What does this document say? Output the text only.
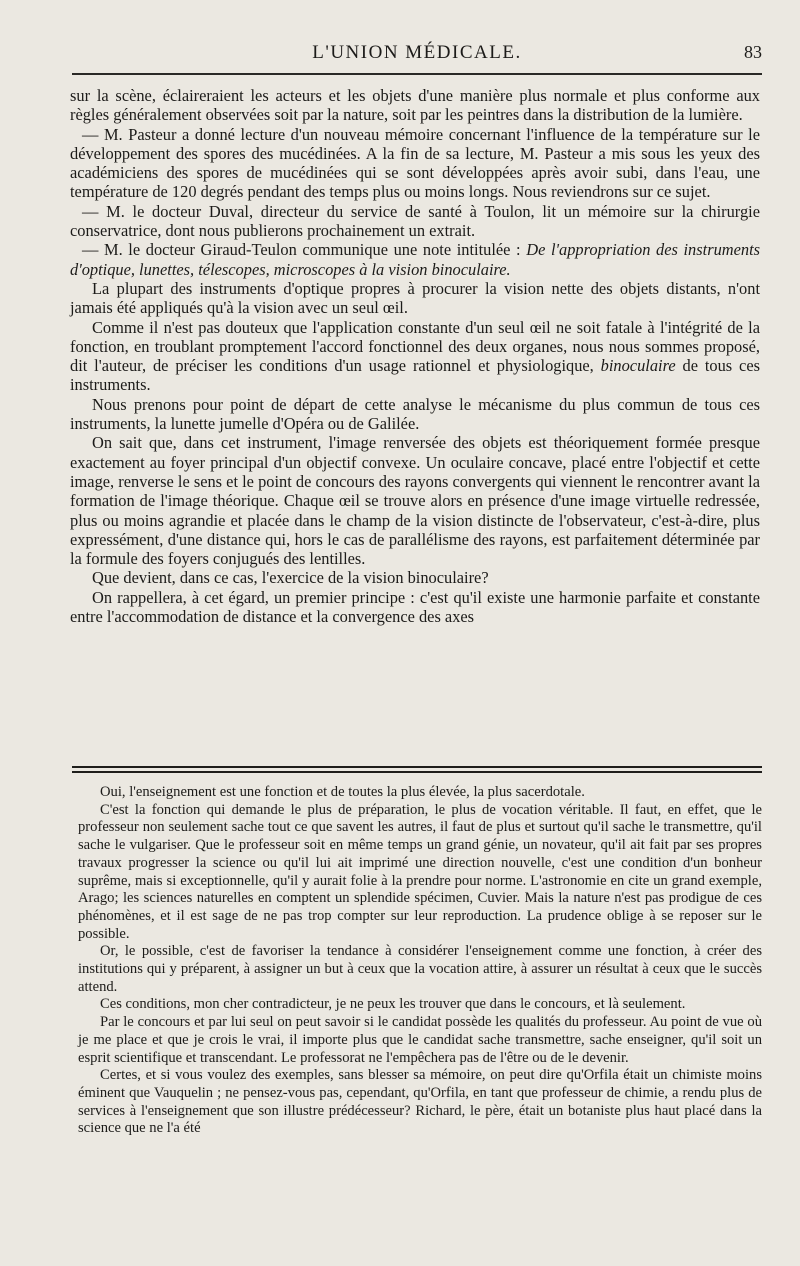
L'UNION MÉDICALE.	83

sur la scène, éclaireraient les acteurs et les objets d'une manière plus normale et plus conforme aux règles généralement observées soit par la nature, soit par les peintres dans la distribution de la lumière.

— M. Pasteur a donné lecture d'un nouveau mémoire concernant l'influence de la température sur le développement des spores des mucédinées. A la fin de sa lecture, M. Pasteur a mis sous les yeux des académiciens des spores de mucédinées qui se sont développées après avoir subi, dans l'eau, une température de 120 degrés pendant des temps plus ou moins longs. Nous reviendrons sur ce sujet.

— M. le docteur Duval, directeur du service de santé à Toulon, lit un mémoire sur la chirurgie conservatrice, dont nous publierons prochainement un extrait.

— M. le docteur Giraud-Teulon communique une note intitulée : De l'appropriation des instruments d'optique, lunettes, télescopes, microscopes à la vision binoculaire.

La plupart des instruments d'optique propres à procurer la vision nette des objets distants, n'ont jamais été appliqués qu'à la vision avec un seul œil.

Comme il n'est pas douteux que l'application constante d'un seul œil ne soit fatale à l'intégrité de la fonction, en troublant promptement l'accord fonctionnel des deux organes, nous nous sommes proposé, dit l'auteur, de préciser les conditions d'un usage rationnel et physiologique, binoculaire de tous ces instruments.

Nous prenons pour point de départ de cette analyse le mécanisme du plus commun de tous ces instruments, la lunette jumelle d'Opéra ou de Galilée.

On sait que, dans cet instrument, l'image renversée des objets est théoriquement formée presque exactement au foyer principal d'un objectif convexe. Un oculaire concave, placé entre l'objectif et cette image, renverse le sens et le point de concours des rayons convergents qui viennent le rencontrer avant la formation de l'image théorique. Chaque œil se trouve alors en présence d'une image virtuelle redressée, plus ou moins agrandie et placée dans le champ de la vision distincte de l'observateur, c'est-à-dire, plus expressément, d'une distance qui, hors le cas de parallélisme des rayons, est parfaitement déterminée par la formule des foyers conjugués des lentilles.

Que devient, dans ce cas, l'exercice de la vision binoculaire?

On rappellera, à cet égard, un premier principe : c'est qu'il existe une harmonie parfaite et constante entre l'accommodation de distance et la convergence des axes

Oui, l'enseignement est une fonction et de toutes la plus élevée, la plus sacerdotale.

C'est la fonction qui demande le plus de préparation, le plus de vocation véritable. Il faut, en effet, que le professeur non seulement sache tout ce que savent les autres, il faut de plus et surtout qu'il sache le transmettre, qu'il sache le vulgariser. Que le professeur soit en même temps un grand génie, un novateur, qu'il ait fait par ses propres travaux progresser la science ou qu'il lui ait imprimé une direction nouvelle, c'est une condition d'un bonheur suprême, mais si exceptionnelle, qu'il y aurait folie à la prendre pour norme. L'astronomie en cite un grand exemple, Arago; les sciences naturelles en comptent un splendide spécimen, Cuvier. Mais la nature n'est pas prodigue de ces phénomènes, et il est sage de ne pas trop compter sur leur reproduction. La prudence oblige à se reposer sur le possible.

Or, le possible, c'est de favoriser la tendance à considérer l'enseignement comme une fonction, à créer des institutions qui y préparent, à assigner un but à ceux que la vocation attire, à assurer un résultat à ceux que le succès attend.

Ces conditions, mon cher contradicteur, je ne peux les trouver que dans le concours, et là seulement.

Par le concours et par lui seul on peut savoir si le candidat possède les qualités du professeur. Au point de vue où je me place et que je crois le vrai, il importe plus que le candidat sache transmettre, sache enseigner, qu'il soit un esprit scientifique et transcendant. Le professorat ne l'empêchera pas de l'être ou de le devenir.

Certes, et si vous voulez des exemples, sans blesser sa mémoire, on peut dire qu'Orfila était un chimiste moins éminent que Vauquelin ; ne pensez-vous pas, cependant, qu'Orfila, en tant que professeur de chimie, a rendu plus de services à l'enseignement que son illustre prédécesseur? Richard, le père, était un botaniste plus haut placé dans la science que ne l'a été
